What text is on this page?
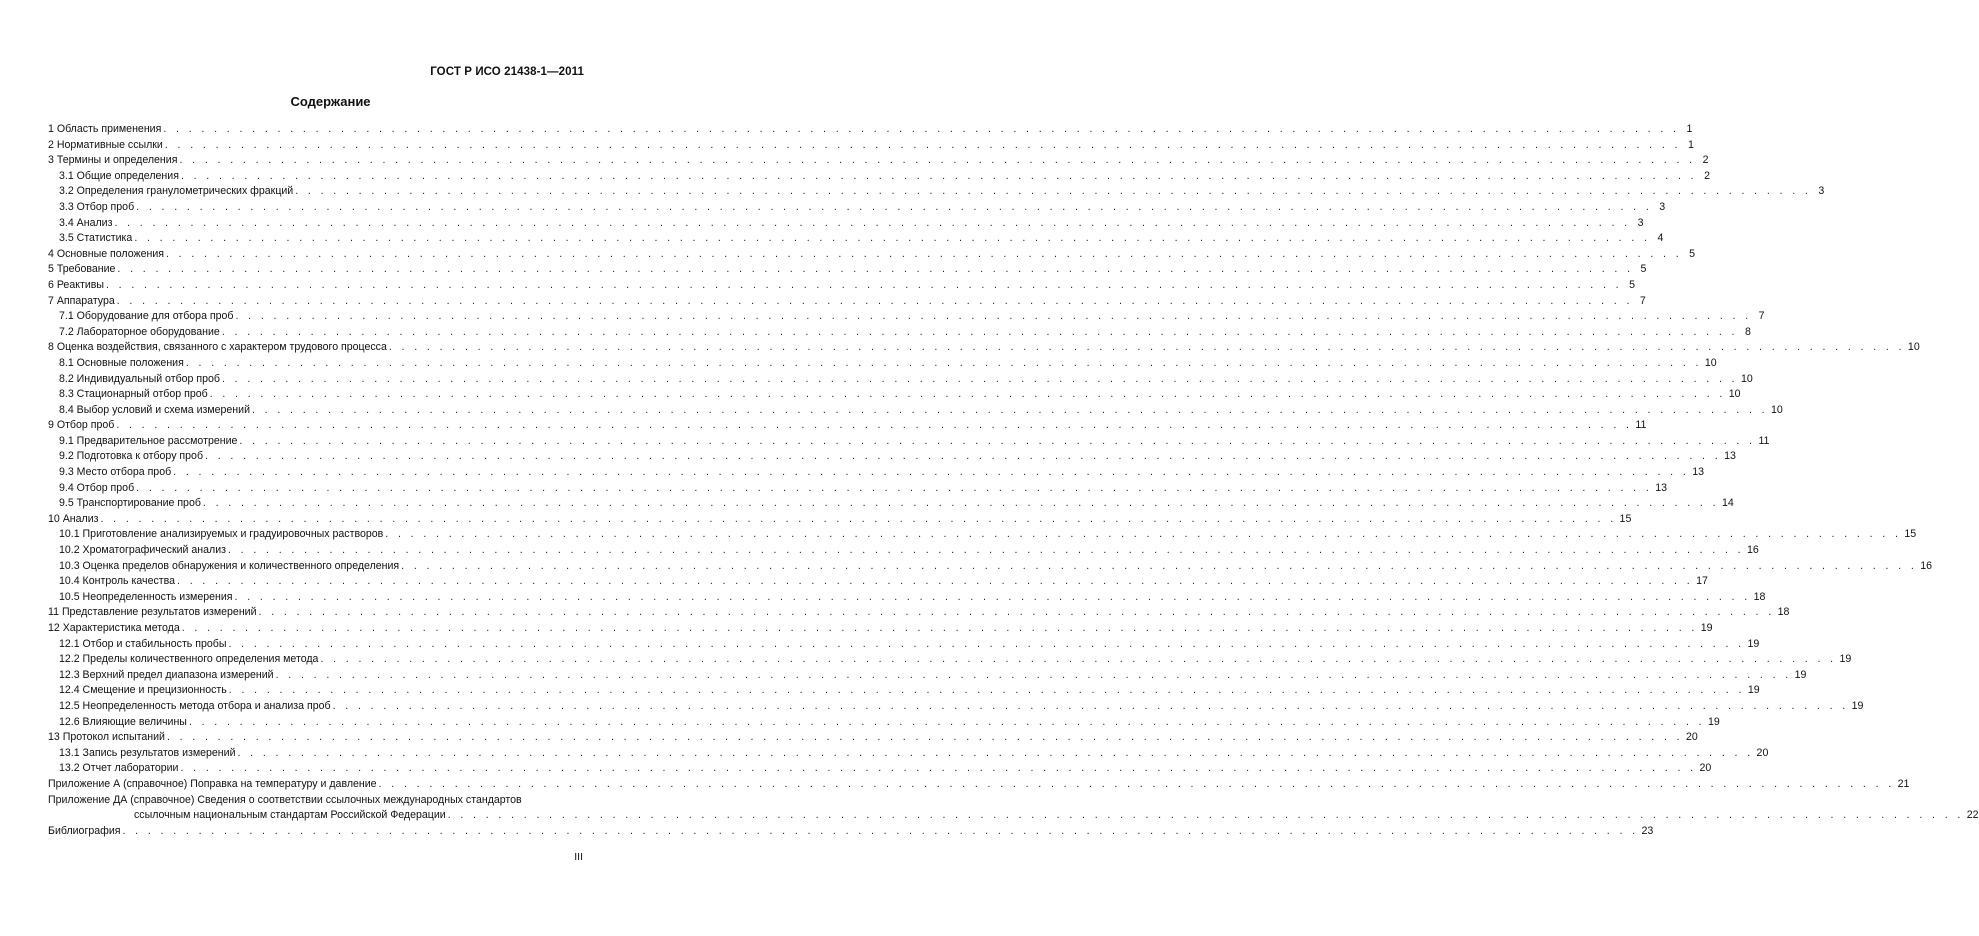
ГОСТ Р ИСО 21438-1—2011
Содержание
1 Область применения . . . . . . . . . . . . . . . . . . . . . . . . . . . . . . . . . . . . . . . . . . . . . . . . . . . . . . . . . . . . . . . . . . . . . . . . . . . . . . . . . . . . . . . . . . . . . . . . . . . . . . . . . . . . . . . . . . . . . . . . 1
2 Нормативные ссылки . . . . . . . . . . . . . . . . . . . . . . . . . . . . . . . . . . . . . . . . . . . . . . . . . . . . . . . . . . . . . . . . . . . . . . . . . . . . . . . . . . . . . . . . . . . . . . . . . . . . . . . . . . . . . . . . . . . . . . . . 1
3 Термины и определения . . . . . . . . . . . . . . . . . . . . . . . . . . . . . . . . . . . . . . . . . . . . . . . . . . . . . . . . . . . . . . . . . . . . . . . . . . . . . . . . . . . . . . . . . . . . . . . . . . . . . . . . . . . . . . . . . . . . . . . . 2
3.1 Общие определения . . . . . . . . . . . . . . . . . . . . . . . . . . . . . . . . . . . . . . . . . . . . . . . . . . . . . . . . . . . . . . . . . . . . . . . . . . . . . . . . . . . . . . . . . . . . . . . . . . . . . . . . . . . . . . . . . . . . . . . . 2
3.2 Определения гранулометрических фракций . . . . . . . . . . . . . . . . . . . . . . . . . . . . . . . . . . . . . . . . . . . . . . . . . . . . . . . . . . . . . . . . . . . . . . . . . . . . . . . . . . . . . . . . . . . . . . . . . . . . . . . . . . . . . . . . . . . . . . . . 3
3.3 Отбор проб . . . . . . . . . . . . . . . . . . . . . . . . . . . . . . . . . . . . . . . . . . . . . . . . . . . . . . . . . . . . . . . . . . . . . . . . . . . . . . . . . . . . . . . . . . . . . . . . . . . . . . . . . . . . . . . . . . . . . . . . 3
3.4 Анализ . . . . . . . . . . . . . . . . . . . . . . . . . . . . . . . . . . . . . . . . . . . . . . . . . . . . . . . . . . . . . . . . . . . . . . . . . . . . . . . . . . . . . . . . . . . . . . . . . . . . . . . . . . . . . . . . . . . . . . . . 3
3.5 Статистика . . . . . . . . . . . . . . . . . . . . . . . . . . . . . . . . . . . . . . . . . . . . . . . . . . . . . . . . . . . . . . . . . . . . . . . . . . . . . . . . . . . . . . . . . . . . . . . . . . . . . . . . . . . . . . . . . . . . . . . . 4
4 Основные положения . . . . . . . . . . . . . . . . . . . . . . . . . . . . . . . . . . . . . . . . . . . . . . . . . . . . . . . . . . . . . . . . . . . . . . . . . . . . . . . . . . . . . . . . . . . . . . . . . . . . . . . . . . . . . . . . . . . . . . . . 5
5 Требование . . . . . . . . . . . . . . . . . . . . . . . . . . . . . . . . . . . . . . . . . . . . . . . . . . . . . . . . . . . . . . . . . . . . . . . . . . . . . . . . . . . . . . . . . . . . . . . . . . . . . . . . . . . . . . . . . . . . . . . . 5
6 Реактивы . . . . . . . . . . . . . . . . . . . . . . . . . . . . . . . . . . . . . . . . . . . . . . . . . . . . . . . . . . . . . . . . . . . . . . . . . . . . . . . . . . . . . . . . . . . . . . . . . . . . . . . . . . . . . . . . . . . . . . . . 5
7 Аппаратура . . . . . . . . . . . . . . . . . . . . . . . . . . . . . . . . . . . . . . . . . . . . . . . . . . . . . . . . . . . . . . . . . . . . . . . . . . . . . . . . . . . . . . . . . . . . . . . . . . . . . . . . . . . . . . . . . . . . . . . . 7
7.1 Оборудование для отбора проб . . . . . . . . . . . . . . . . . . . . . . . . . . . . . . . . . . . . . . . . . . . . . . . . . . . . . . . . . . . . . . . . . . . . . . . . . . . . . . . . . . . . . . . . . . . . . . . . . . . . . . . . . . . . . . . . . . . . . . . . 7
7.2 Лабораторное оборудование . . . . . . . . . . . . . . . . . . . . . . . . . . . . . . . . . . . . . . . . . . . . . . . . . . . . . . . . . . . . . . . . . . . . . . . . . . . . . . . . . . . . . . . . . . . . . . . . . . . . . . . . . . . . . . . . . . . . . . . . 8
8 Оценка воздействия, связанного с характером трудового процесса . . . . . . . . . . . . . . . . . . . . . . . . . . . . . . . . . . . . . . . . . . . . . . . . . . . . . . . . . . . . . . . . . . . . . . . . . . . . . . . . . . . . . . . . . . . . . . . . . . . . . . . . . . . . . . . . . . . . . . . . 10
8.1 Основные положения . . . . . . . . . . . . . . . . . . . . . . . . . . . . . . . . . . . . . . . . . . . . . . . . . . . . . . . . . . . . . . . . . . . . . . . . . . . . . . . . . . . . . . . . . . . . . . . . . . . . . . . . . . . . . . . . . . . . . . . . 10
8.2 Индивидуальный отбор проб . . . . . . . . . . . . . . . . . . . . . . . . . . . . . . . . . . . . . . . . . . . . . . . . . . . . . . . . . . . . . . . . . . . . . . . . . . . . . . . . . . . . . . . . . . . . . . . . . . . . . . . . . . . . . . . . . . . . . . . . 10
8.3 Стационарный отбор проб . . . . . . . . . . . . . . . . . . . . . . . . . . . . . . . . . . . . . . . . . . . . . . . . . . . . . . . . . . . . . . . . . . . . . . . . . . . . . . . . . . . . . . . . . . . . . . . . . . . . . . . . . . . . . . . . . . . . . . . . 10
8.4 Выбор условий и схема измерений . . . . . . . . . . . . . . . . . . . . . . . . . . . . . . . . . . . . . . . . . . . . . . . . . . . . . . . . . . . . . . . . . . . . . . . . . . . . . . . . . . . . . . . . . . . . . . . . . . . . . . . . . . . . . . . . . . . . . . . . 10
9 Отбор проб . . . . . . . . . . . . . . . . . . . . . . . . . . . . . . . . . . . . . . . . . . . . . . . . . . . . . . . . . . . . . . . . . . . . . . . . . . . . . . . . . . . . . . . . . . . . . . . . . . . . . . . . . . . . . . . . . . . . . . . . 11
9.1 Предварительное рассмотрение . . . . . . . . . . . . . . . . . . . . . . . . . . . . . . . . . . . . . . . . . . . . . . . . . . . . . . . . . . . . . . . . . . . . . . . . . . . . . . . . . . . . . . . . . . . . . . . . . . . . . . . . . . . . . . . . . . . . . . . . 11
9.2 Подготовка к отбору проб . . . . . . . . . . . . . . . . . . . . . . . . . . . . . . . . . . . . . . . . . . . . . . . . . . . . . . . . . . . . . . . . . . . . . . . . . . . . . . . . . . . . . . . . . . . . . . . . . . . . . . . . . . . . . . . . . . . . . . . . 13
9.3 Место отбора проб . . . . . . . . . . . . . . . . . . . . . . . . . . . . . . . . . . . . . . . . . . . . . . . . . . . . . . . . . . . . . . . . . . . . . . . . . . . . . . . . . . . . . . . . . . . . . . . . . . . . . . . . . . . . . . . . . . . . . . . . 13
9.4 Отбор проб . . . . . . . . . . . . . . . . . . . . . . . . . . . . . . . . . . . . . . . . . . . . . . . . . . . . . . . . . . . . . . . . . . . . . . . . . . . . . . . . . . . . . . . . . . . . . . . . . . . . . . . . . . . . . . . . . . . . . . . . 13
9.5 Транспортирование проб . . . . . . . . . . . . . . . . . . . . . . . . . . . . . . . . . . . . . . . . . . . . . . . . . . . . . . . . . . . . . . . . . . . . . . . . . . . . . . . . . . . . . . . . . . . . . . . . . . . . . . . . . . . . . . . . . . . . . . . . 14
10 Анализ . . . . . . . . . . . . . . . . . . . . . . . . . . . . . . . . . . . . . . . . . . . . . . . . . . . . . . . . . . . . . . . . . . . . . . . . . . . . . . . . . . . . . . . . . . . . . . . . . . . . . . . . . . . . . . . . . . . . . . . . 15
10.1 Приготовление анализируемых и градуировочных растворов . . . . . . . . . . . . . . . . . . . . . . . . . . . . . . . . . . . . . . . . . . . . . . . . . . . . . . . . . . . . . . . . . . . . . . . . . . . . . . . . . . . . . . . . . . . . . . . . . . . . . . . . . . . . . . . . . . . . . . . . 15
10.2 Хроматографический анализ . . . . . . . . . . . . . . . . . . . . . . . . . . . . . . . . . . . . . . . . . . . . . . . . . . . . . . . . . . . . . . . . . . . . . . . . . . . . . . . . . . . . . . . . . . . . . . . . . . . . . . . . . . . . . . . . . . . . . . . . 16
10.3 Оценка пределов обнаружения и количественного определения . . . . . . . . . . . . . . . . . . . . . . . . . . . . . . . . . . . . . . . . . . . . . . . . . . . . . . . . . . . . . . . . . . . . . . . . . . . . . . . . . . . . . . . . . . . . . . . . . . . . . . . . . . . . . . . . . . . . . . . . 16
10.4 Контроль качества . . . . . . . . . . . . . . . . . . . . . . . . . . . . . . . . . . . . . . . . . . . . . . . . . . . . . . . . . . . . . . . . . . . . . . . . . . . . . . . . . . . . . . . . . . . . . . . . . . . . . . . . . . . . . . . . . . . . . . . . 17
10.5 Неопределенность измерения . . . . . . . . . . . . . . . . . . . . . . . . . . . . . . . . . . . . . . . . . . . . . . . . . . . . . . . . . . . . . . . . . . . . . . . . . . . . . . . . . . . . . . . . . . . . . . . . . . . . . . . . . . . . . . . . . . . . . . . . 18
11 Представление результатов измерений . . . . . . . . . . . . . . . . . . . . . . . . . . . . . . . . . . . . . . . . . . . . . . . . . . . . . . . . . . . . . . . . . . . . . . . . . . . . . . . . . . . . . . . . . . . . . . . . . . . . . . . . . . . . . . . . . . . . . . . . 18
12 Характеристика метода . . . . . . . . . . . . . . . . . . . . . . . . . . . . . . . . . . . . . . . . . . . . . . . . . . . . . . . . . . . . . . . . . . . . . . . . . . . . . . . . . . . . . . . . . . . . . . . . . . . . . . . . . . . . . . . . . . . . . . . . 19
12.1 Отбор и стабильность пробы . . . . . . . . . . . . . . . . . . . . . . . . . . . . . . . . . . . . . . . . . . . . . . . . . . . . . . . . . . . . . . . . . . . . . . . . . . . . . . . . . . . . . . . . . . . . . . . . . . . . . . . . . . . . . . . . . . . . . . . . 19
12.2 Пределы количественного определения метода . . . . . . . . . . . . . . . . . . . . . . . . . . . . . . . . . . . . . . . . . . . . . . . . . . . . . . . . . . . . . . . . . . . . . . . . . . . . . . . . . . . . . . . . . . . . . . . . . . . . . . . . . . . . . . . . . . . . . . . . 19
12.3 Верхний предел диапазона измерений . . . . . . . . . . . . . . . . . . . . . . . . . . . . . . . . . . . . . . . . . . . . . . . . . . . . . . . . . . . . . . . . . . . . . . . . . . . . . . . . . . . . . . . . . . . . . . . . . . . . . . . . . . . . . . . . . . . . . . . . 19
12.4 Смещение и прецизионность . . . . . . . . . . . . . . . . . . . . . . . . . . . . . . . . . . . . . . . . . . . . . . . . . . . . . . . . . . . . . . . . . . . . . . . . . . . . . . . . . . . . . . . . . . . . . . . . . . . . . . . . . . . . . . . . . . . . . . . . 19
12.5 Неопределенность метода отбора и анализа проб . . . . . . . . . . . . . . . . . . . . . . . . . . . . . . . . . . . . . . . . . . . . . . . . . . . . . . . . . . . . . . . . . . . . . . . . . . . . . . . . . . . . . . . . . . . . . . . . . . . . . . . . . . . . . . . . . . . . . . . . 19
12.6 Влияющие величины . . . . . . . . . . . . . . . . . . . . . . . . . . . . . . . . . . . . . . . . . . . . . . . . . . . . . . . . . . . . . . . . . . . . . . . . . . . . . . . . . . . . . . . . . . . . . . . . . . . . . . . . . . . . . . . . . . . . . . . . 19
13 Протокол испытаний . . . . . . . . . . . . . . . . . . . . . . . . . . . . . . . . . . . . . . . . . . . . . . . . . . . . . . . . . . . . . . . . . . . . . . . . . . . . . . . . . . . . . . . . . . . . . . . . . . . . . . . . . . . . . . . . . . . . . . . . 20
13.1 Запись результатов измерений . . . . . . . . . . . . . . . . . . . . . . . . . . . . . . . . . . . . . . . . . . . . . . . . . . . . . . . . . . . . . . . . . . . . . . . . . . . . . . . . . . . . . . . . . . . . . . . . . . . . . . . . . . . . . . . . . . . . . . . . 20
13.2 Отчет лаборатории . . . . . . . . . . . . . . . . . . . . . . . . . . . . . . . . . . . . . . . . . . . . . . . . . . . . . . . . . . . . . . . . . . . . . . . . . . . . . . . . . . . . . . . . . . . . . . . . . . . . . . . . . . . . . . . . . . . . . . . . 20
Приложение А (справочное) Поправка на температуру и давление . . . . . . . . . . . . . . . . . . . . . . . . . . . . . . . . . . . . . . . . . . . . . . . . . . . . . . . . . . . . . . . . . . . . . . . . . . . . . . . . . . . . . . . . . . . . . . . . . . . . . . . . . . . . . . . . . . . . . . . . 21
Приложение ДА (справочное) Сведения о соответствии ссылочных международных стандартов
ссылочным национальным стандартам Российской Федерации . . . . . . . . . . . . . . . . . . . . . . . . . . . . . . . . . . . . . . . . . . . . . . . . . . . . . . . . . . . . . . . . . . . . . . . . . . . . . . . . . . . . . . . . . . . . . . . . . . . . . . . . . . . . . . . . . . . . . . . . 22
Библиография . . . . . . . . . . . . . . . . . . . . . . . . . . . . . . . . . . . . . . . . . . . . . . . . . . . . . . . . . . . . . . . . . . . . . . . . . . . . . . . . . . . . . . . . . . . . . . . . . . . . . . . . . . . . . . . . . . . . . . . . 23
III
